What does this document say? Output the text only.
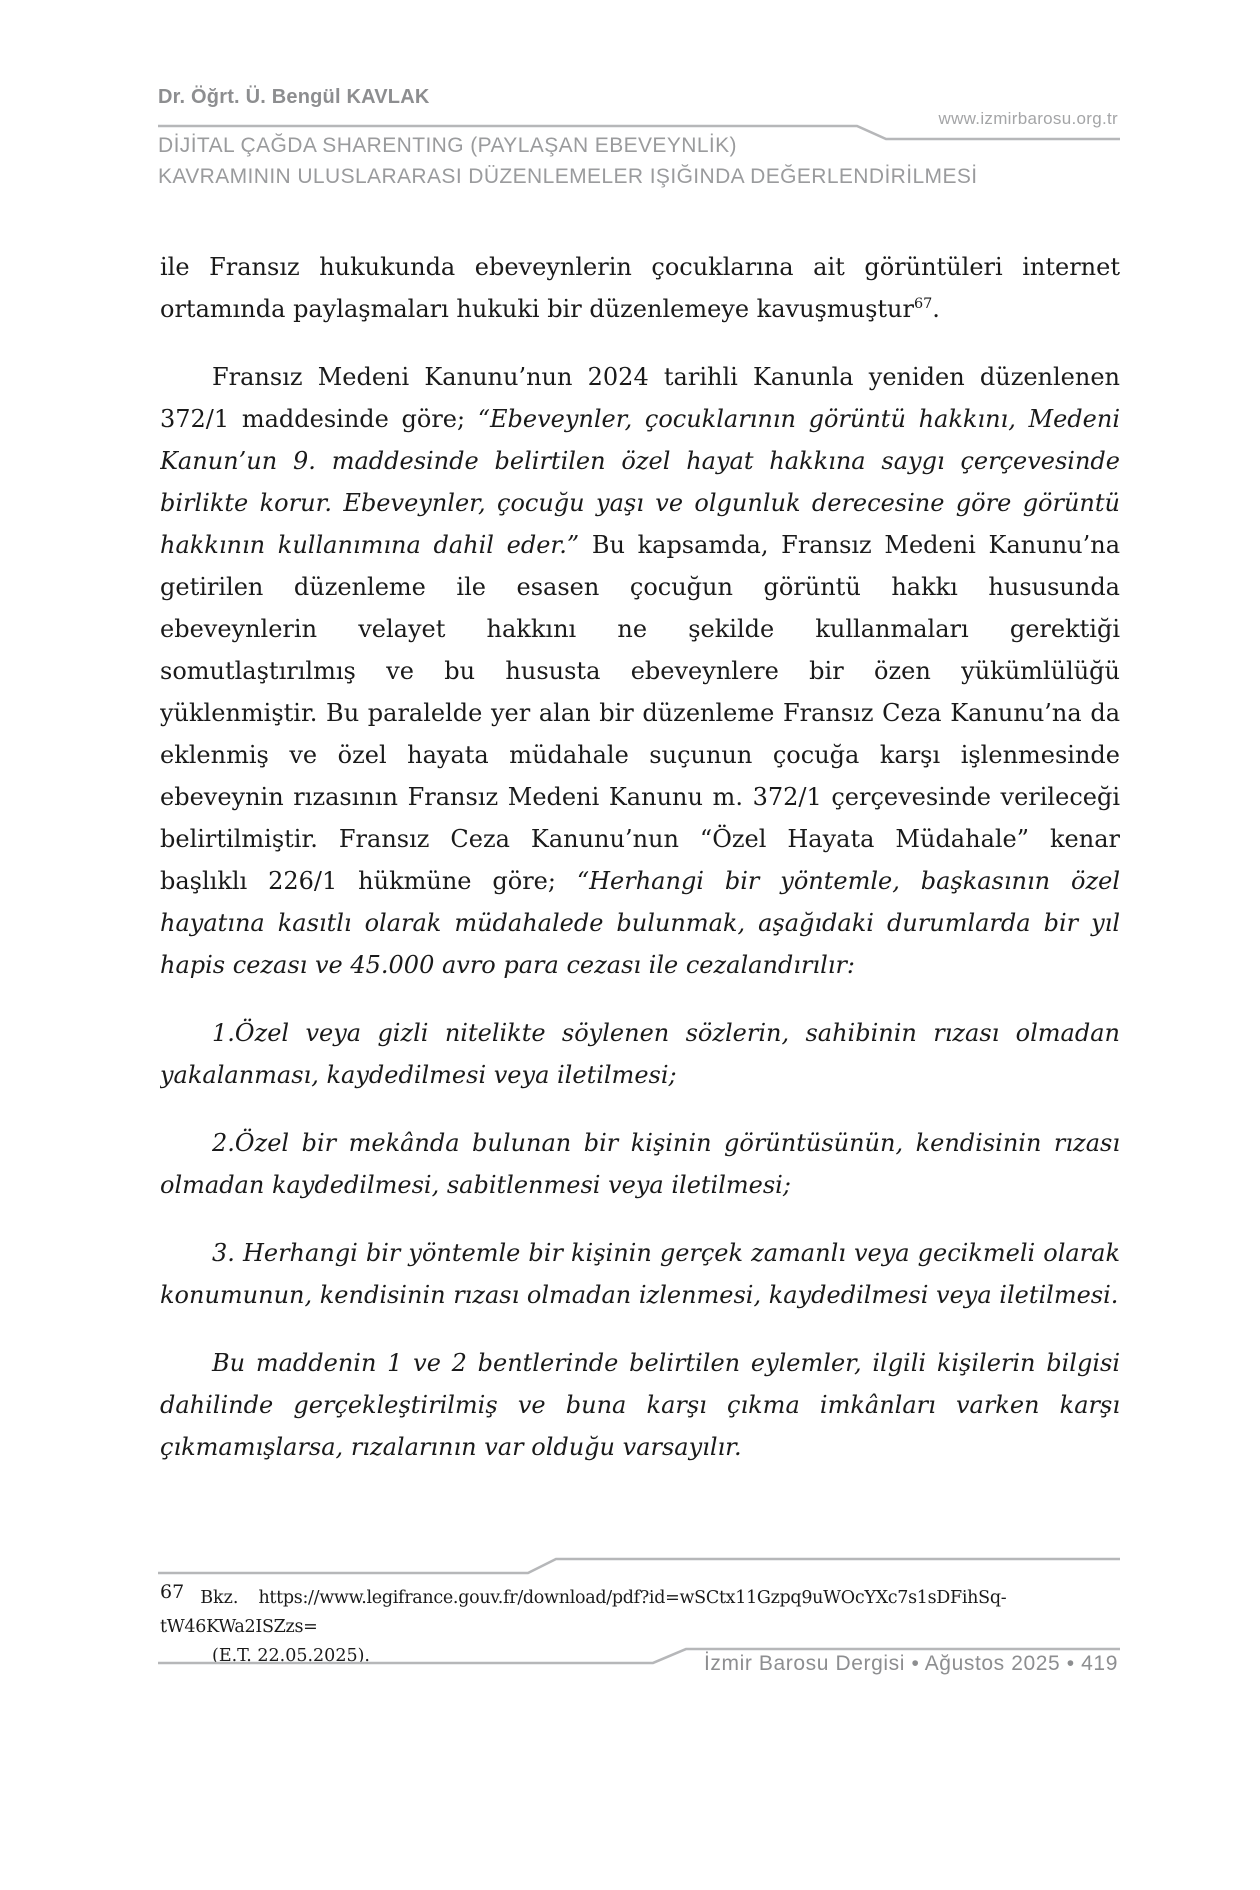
Dr. Öğrt. Ü. Bengül KAVLAK
www.izmirbarosu.org.tr
DİJİTAL ÇAĞDA SHARENTING (PAYLAŞAN EBEVEYNLİK)
KAVRAMININ ULUSLARARASI DÜZENLEMELER IŞIĞINDA DEĞERLENDİRİLMESİ

ile Fransız hukukunda ebeveynlerin çocuklarına ait görüntüleri internet ortamında paylaşmaları hukuki bir düzenlemeye kavuşmuştur$^{67}$.

Fransız Medeni Kanunu’nun 2024 tarihli Kanunla yeniden düzenlenen 372/1 maddesinde göre; “Ebeveynler, çocuklarının görüntü hakkını, Medeni Kanun’un 9. maddesinde belirtilen özel hayat hakkına saygı çerçevesinde birlikte korur. Ebeveynler, çocuğu yaşı ve olgunluk derecesine göre görüntü hakkının kullanımına dahil eder.” Bu kapsamda, Fransız Medeni Kanunu’na getirilen düzenleme ile esasen çocuğun görüntü hakkı hususunda ebeveynlerin velayet hakkını ne şekilde kullanmaları gerektiği somutlaştırılmış ve bu hususta ebeveynlere bir özen yükümlülüğü yüklenmiştir. Bu paralelde yer alan bir düzenleme Fransız Ceza Kanunu’na da eklenmiş ve özel hayata müdahale suçunun çocuğa karşı işlenmesinde ebeveynin rızasının Fransız Medeni Kanunu m. 372/1 çerçevesinde verileceği belirtilmiştir. Fransız Ceza Kanunu’nun “Özel Hayata Müdahale” kenar başlıklı 226/1 hükmüne göre; “Herhangi bir yöntemle, başkasının özel hayatına kasıtlı olarak müdahalede bulunmak, aşağıdaki durumlarda bir yıl hapis cezası ve 45.000 avro para cezası ile cezalandırılır:

1.Özel veya gizli nitelikte söylenen sözlerin, sahibinin rızası olmadan yakalanması, kaydedilmesi veya iletilmesi;

2.Özel bir mekânda bulunan bir kişinin görüntüsünün, kendisinin rızası olmadan kaydedilmesi, sabitlenmesi veya iletilmesi;

3. Herhangi bir yöntemle bir kişinin gerçek zamanlı veya gecikmeli olarak konumunun, kendisinin rızası olmadan izlenmesi, kaydedilmesi veya iletilmesi.

Bu maddenin 1 ve 2 bentlerinde belirtilen eylemler, ilgili kişilerin bilgisi dahilinde gerçekleştirilmiş ve buna karşı çıkma imkânları varken karşı çıkmamışlarsa, rızalarının var olduğu varsayılır.

67 Bkz. https://www.legifrance.gouv.fr/download/pdf?id=wSCtx11Gzpq9uWOcYXc7s1sDFihSq-tW46KWa2ISZzs=
(E.T. 22.05.2025).	İzmir Barosu Dergisi • Ağustos 2025 • 419
